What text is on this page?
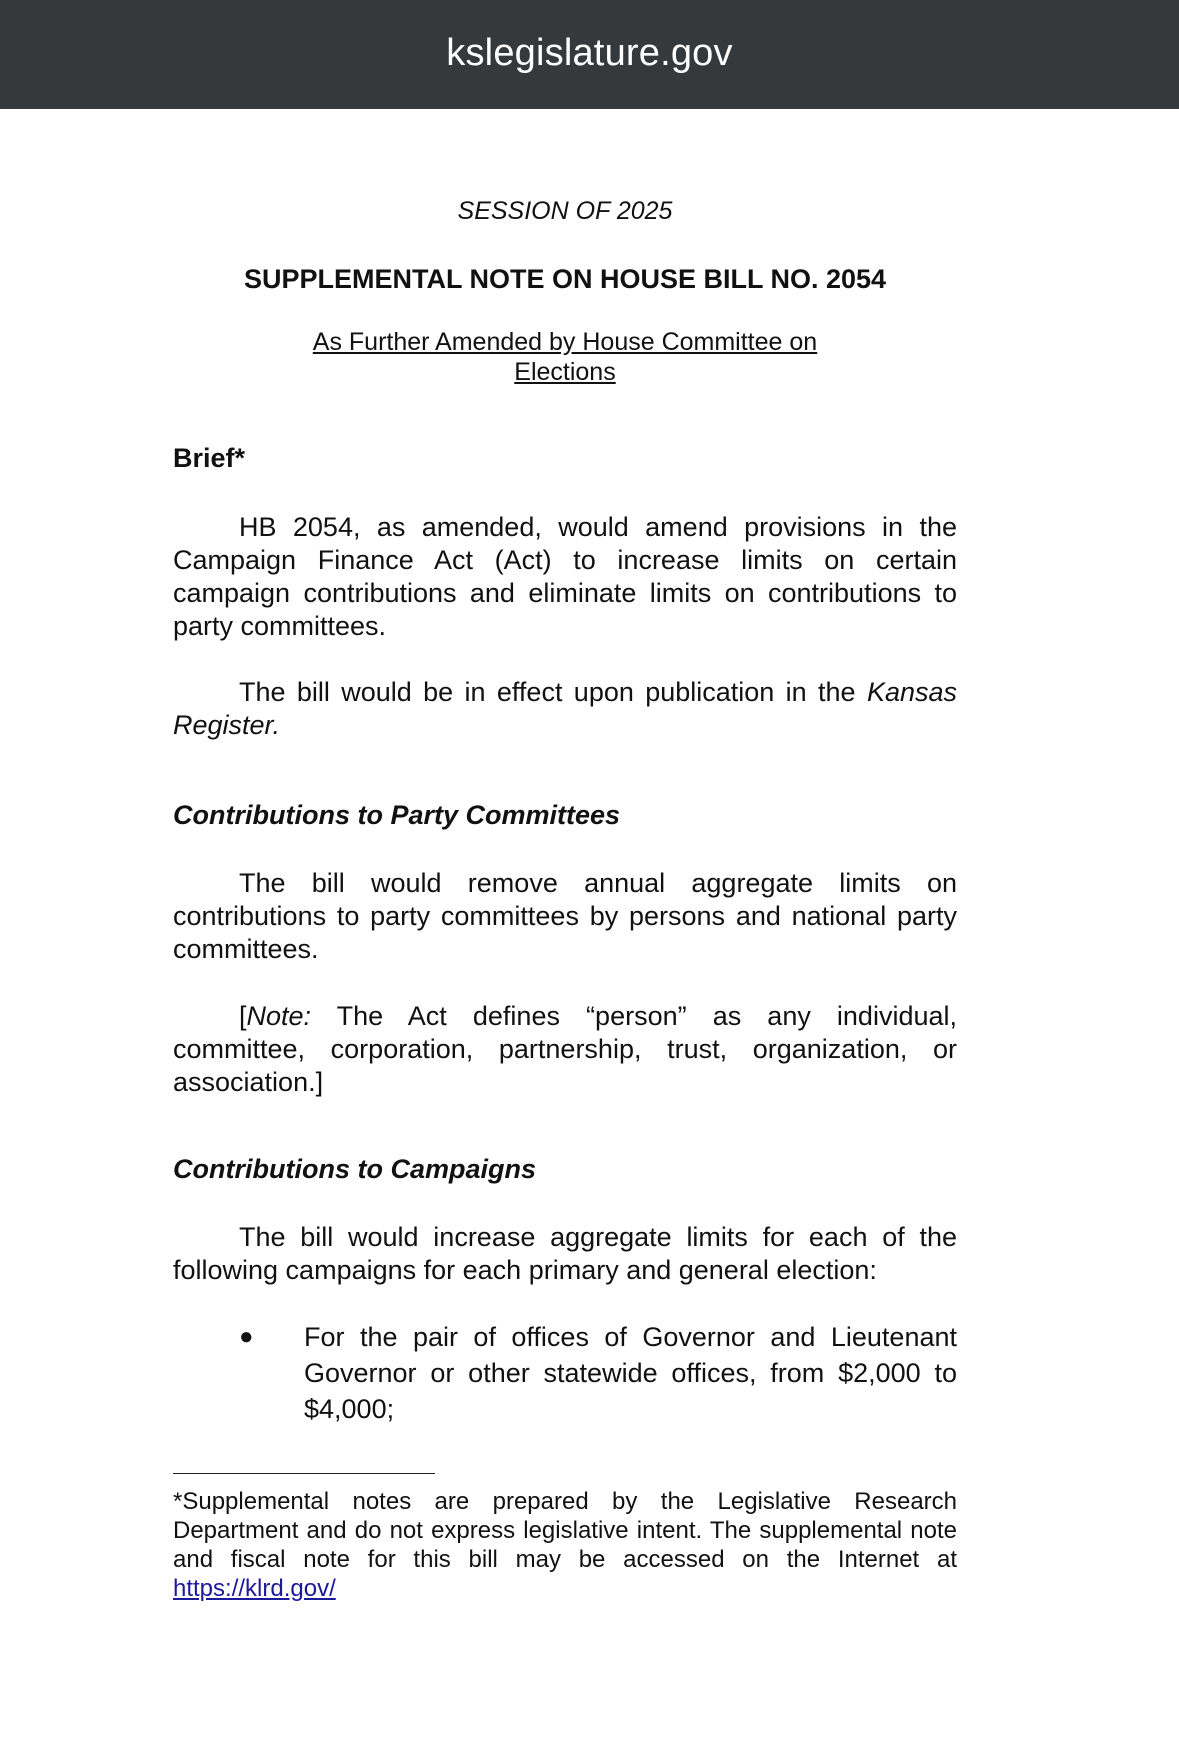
kslegislature.gov
SESSION OF 2025
SUPPLEMENTAL NOTE ON HOUSE BILL NO. 2054
As Further Amended by House Committee on
Elections
Brief*
HB 2054, as amended, would amend provisions in the Campaign Finance Act (Act) to increase limits on certain campaign contributions and eliminate limits on contributions to party committees.
The bill would be in effect upon publication in the Kansas Register.
Contributions to Party Committees
The bill would remove annual aggregate limits on contributions to party committees by persons and national party committees.
[Note: The Act defines “person” as any individual, committee, corporation, partnership, trust, organization, or association.]
Contributions to Campaigns
The bill would increase aggregate limits for each of the following campaigns for each primary and general election:
●	For the pair of offices of Governor and Lieutenant Governor or other statewide offices, from $2,000 to $4,000;
*Supplemental notes are prepared by the Legislative Research Department and do not express legislative intent. The supplemental note and fiscal note for this bill may be accessed on the Internet at https://klrd.gov/
